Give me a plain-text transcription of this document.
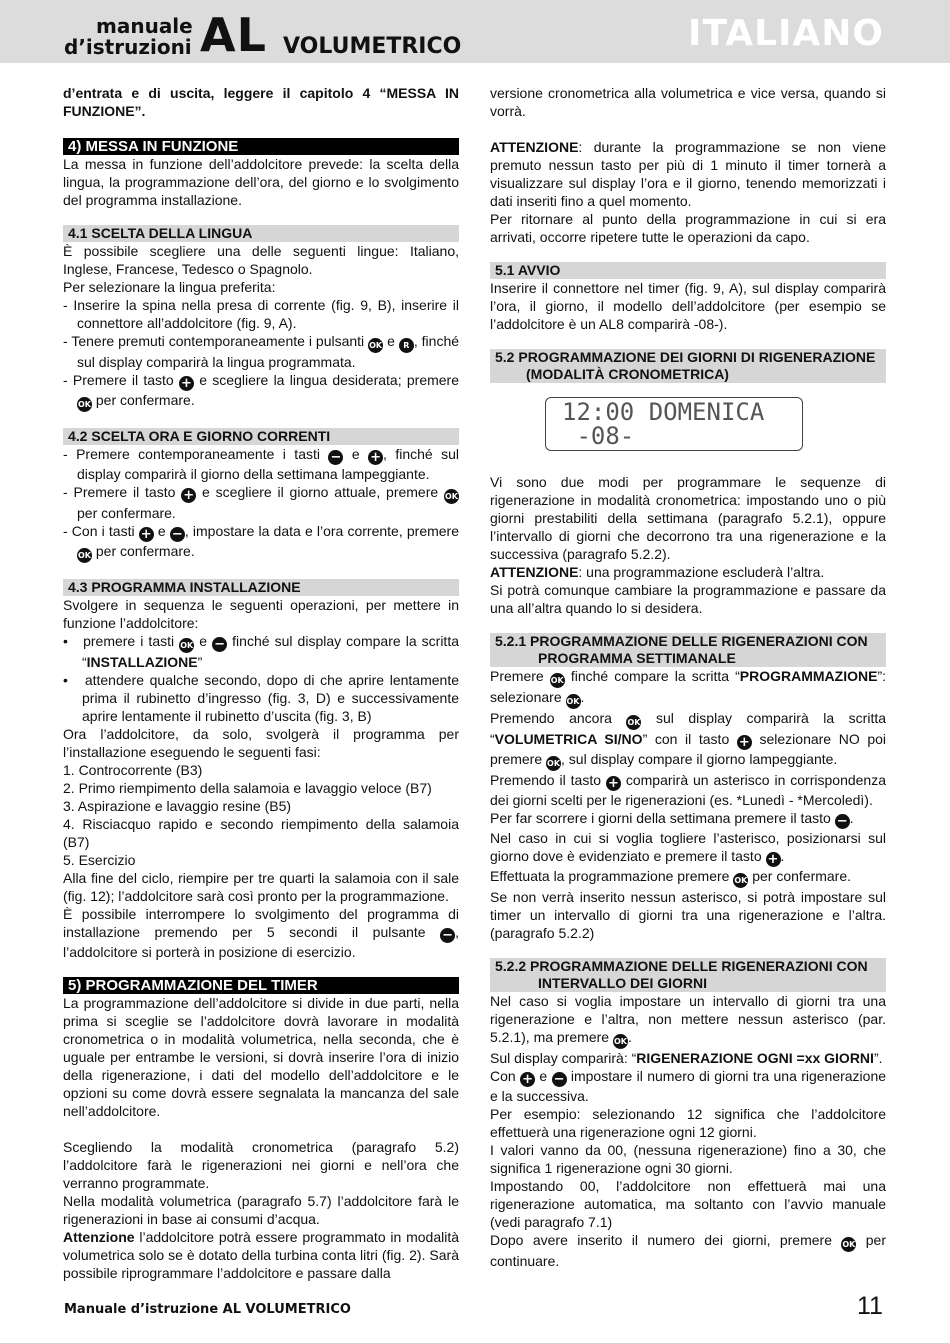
manuale
d’istruzioni AL VOLUMETRICO	ITALIANO

d’entrata e di uscita, leggere il capitolo 4 “MESSA IN FUNZIONE”.

4) MESSA IN FUNZIONE

La messa in funzione dell’addolcitore prevede: la scelta della lingua, la programmazione dell’ora, del giorno e lo svolgimento del programma installazione.

4.1 SCELTA DELLA LINGUA

È possibile scegliere una delle seguenti lingue: Italiano, Inglese, Francese, Tedesco o Spagnolo.

Per selezionare la lingua preferita:

- Inserire la spina nella presa di corrente (fig. 9, B), inserire il connettore all’addolcitore (fig. 9, A).

- Tenere premuti contemporaneamente i pulsanti OK e R , finché sul display comparirà la lingua programmata.

- Premere il tasto + e scegliere la lingua desiderata; premere OK per confermare.

4.2 SCELTA ORA E GIORNO CORRENTI

- Premere contemporaneamente i tasti − e + , finché sul display comparirà il giorno della settimana lampeggiante.

- Premere il tasto + e scegliere il giorno attuale, premere OK per confermare.

- Con i tasti + e − , impostare la data e l’ora corrente, premere OK per confermare.

4.3 PROGRAMMA INSTALLAZIONE

Svolgere in sequenza le seguenti operazioni, per mettere in funzione l’addolcitore:

•   premere i tasti OK e − finché sul display compare la scritta “INSTALLAZIONE”

•   attendere qualche secondo, dopo di che aprire lentamente prima il rubinetto d’ingresso (fig. 3, D) e successivamente aprire lentamente il rubinetto d’uscita (fig. 3, B)

Ora l’addolcitore, da solo, svolgerà il programma per l’installazione eseguendo le seguenti fasi:

1. Controcorrente (B3)

2. Primo riempimento della salamoia e lavaggio veloce (B7)

3. Aspirazione e lavaggio resine (B5)

4. Risciacquo rapido e secondo riempimento della salamoia (B7)

5. Esercizio

Alla fine del ciclo, riempire per tre quarti la salamoia con il sale (fig. 12); l’addolcitore sarà così pronto per la programmazione.

È possibile interrompere lo svolgimento del programma di installazione premendo per 5 secondi il pulsante − , l’addolcitore si porterà in posizione di esercizio.

5) PROGRAMMAZIONE DEL TIMER

La programmazione dell’addolcitore si divide in due parti, nella prima si sceglie se l’addolcitore dovrà lavorare in modalità cronometrica o in modalità volumetrica, nella seconda, che è uguale per entrambe le versioni, si dovrà inserire l’ora di inizio della rigenerazione, i dati del modello dell’addolcitore e le opzioni su come dovrà essere segnalata la mancanza del sale nell’addolcitore.

Scegliendo la modalità cronometrica (paragrafo 5.2) l’addolcitore farà le rigenerazioni nei giorni e nell’ora che verranno programmate.

Nella modalità volumetrica (paragrafo 5.7) l’addolcitore farà le rigenerazioni in base ai consumi d’acqua.

Attenzione l’addolcitore potrà essere programmato in modalità volumetrica solo se è dotato della turbina conta litri (fig. 2). Sarà possibile riprogrammare l’addolcitore e passare dalla

versione cronometrica alla volumetrica e vice versa, quando si vorrà.

ATTENZIONE: durante la programmazione se non viene premuto nessun tasto per più di 1 minuto il timer tornerà a visualizzare sul display l’ora e il giorno, tenendo memorizzati i dati inseriti fino a quel momento.

Per ritornare al punto della programmazione in cui si era arrivati, occorre ripetere tutte le operazioni da capo.

5.1 AVVIO

Inserire il connettore nel timer (fig. 9, A), sul display comparirà l’ora, il giorno, il modello dell’addolcitore (per esempio se l’addolcitore è un AL8 comparirà -08-).

5.2 PROGRAMMAZIONE DEI GIORNI DI RIGENERAZIONE (MODALITÀ CRONOMETRICA)
12:00 DOMENICA
-08-

Vi sono due modi per programmare le sequenze di rigenerazione in modalità cronometrica: impostando uno o più giorni prestabiliti della settimana (paragrafo 5.2.1), oppure l’intervallo di giorni che decorrono tra una rigenerazione e la successiva (paragrafo 5.2.2).

ATTENZIONE: una programmazione escluderà l’altra.

Si potrà comunque cambiare la programmazione e passare da una all’altra quando lo si desidera.

5.2.1 PROGRAMMAZIONE DELLE RIGENERAZIONI CON PROGRAMMA SETTIMANALE

Premere OK finché compare la scritta “PROGRAMMAZIONE”: selezionare OK.

Premendo ancora OK sul display comparirà la scritta “VOLUMETRICA SI/NO” con il tasto + selezionare NO poi premere OK, sul display compare il giorno lampeggiante.

Premendo il tasto + comparirà un asterisco in corrispondenza dei giorni scelti per le rigenerazioni (es. *Lunedì - *Mercoledì).

Per far scorrere i giorni della settimana premere il tasto − .

Nel caso in cui si voglia togliere l’asterisco, posizionarsi sul giorno dove è evidenziato e premere il tasto + .

Effettuata la programmazione premere OK per confermare.

Se non verrà inserito nessun asterisco, si potrà impostare sul timer un intervallo di giorni tra una rigenerazione e l’altra. (paragrafo 5.2.2)

5.2.2 PROGRAMMAZIONE DELLE RIGENERAZIONI CON INTERVALLO DEI GIORNI

Nel caso si voglia impostare un intervallo di giorni tra una rigenerazione e l’altra, non mettere nessun asterisco (par. 5.2.1), ma premere OK.

Sul display comparirà: “RIGENERAZIONE OGNI =xx GIORNI”.

Con + e − impostare il numero di giorni tra una rigenerazione e la successiva.

Per esempio: selezionando 12 significa che l’addolcitore effettuerà una rigenerazione ogni 12 giorni.

I valori vanno da 00, (nessuna rigenerazione) fino a 30, che significa 1 rigenerazione ogni 30 giorni.

Impostando 00, l’addolcitore non effettuerà mai una rigenerazione automatica, ma soltanto con l’avvio manuale (vedi paragrafo 7.1)

Dopo avere inserito il numero dei giorni, premere OK per continuare.

Manuale d’istruzione AL VOLUMETRICO	11
